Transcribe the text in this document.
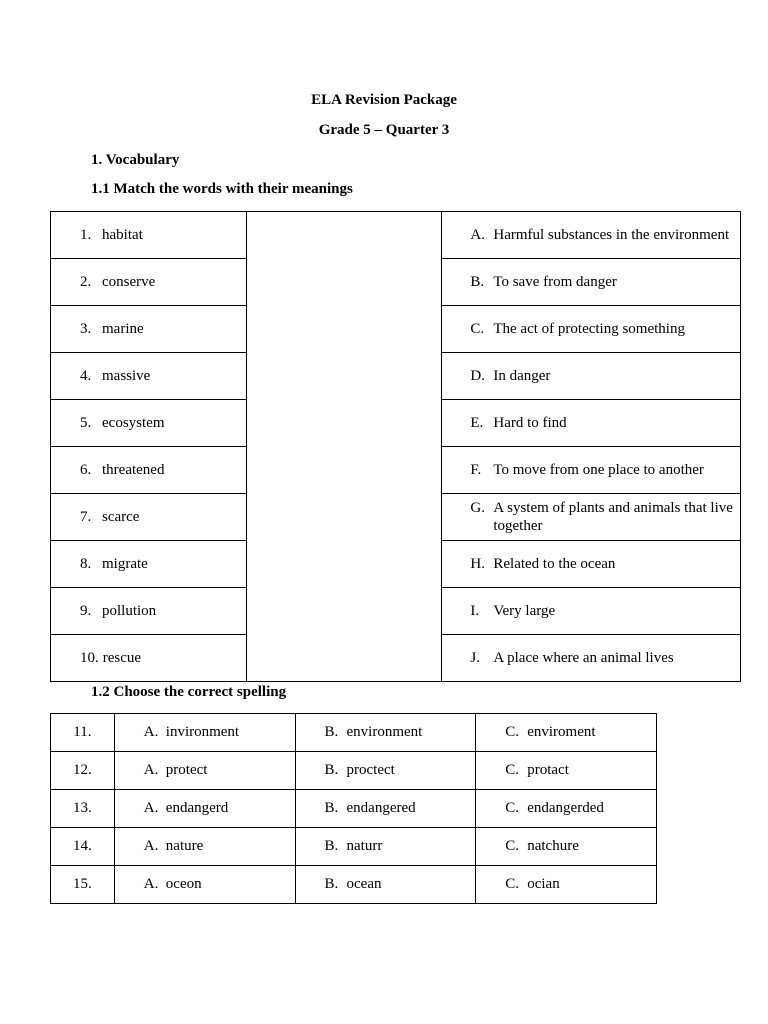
ELA Revision Package
Grade 5 – Quarter 3
1. Vocabulary
1.1 Match the words with their meanings
1. habitat		A. Harmful substances in the environment

2. conserve		B. To save from danger

3. marine		C. The act of protecting something

4. massive		D. In danger

5. ecosystem		E. Hard to find

6. threatened		F. To move from one place to another

7. scarce		G. A system of plants and animals that live together

8. migrate		H. Related to the ocean

9. pollution		I. Very large

10. rescue		J. A place where an animal lives
1.2 Choose the correct spelling
11.	A. invironment	B. environment	C. enviroment

12.	A. protect	B. proctect	C. protact

13.	A. endangerd	B. endangered	C. endangerded

14.	A. nature	B. naturr	C. natchure

15.	A. oceon	B. ocean	C. ocian
